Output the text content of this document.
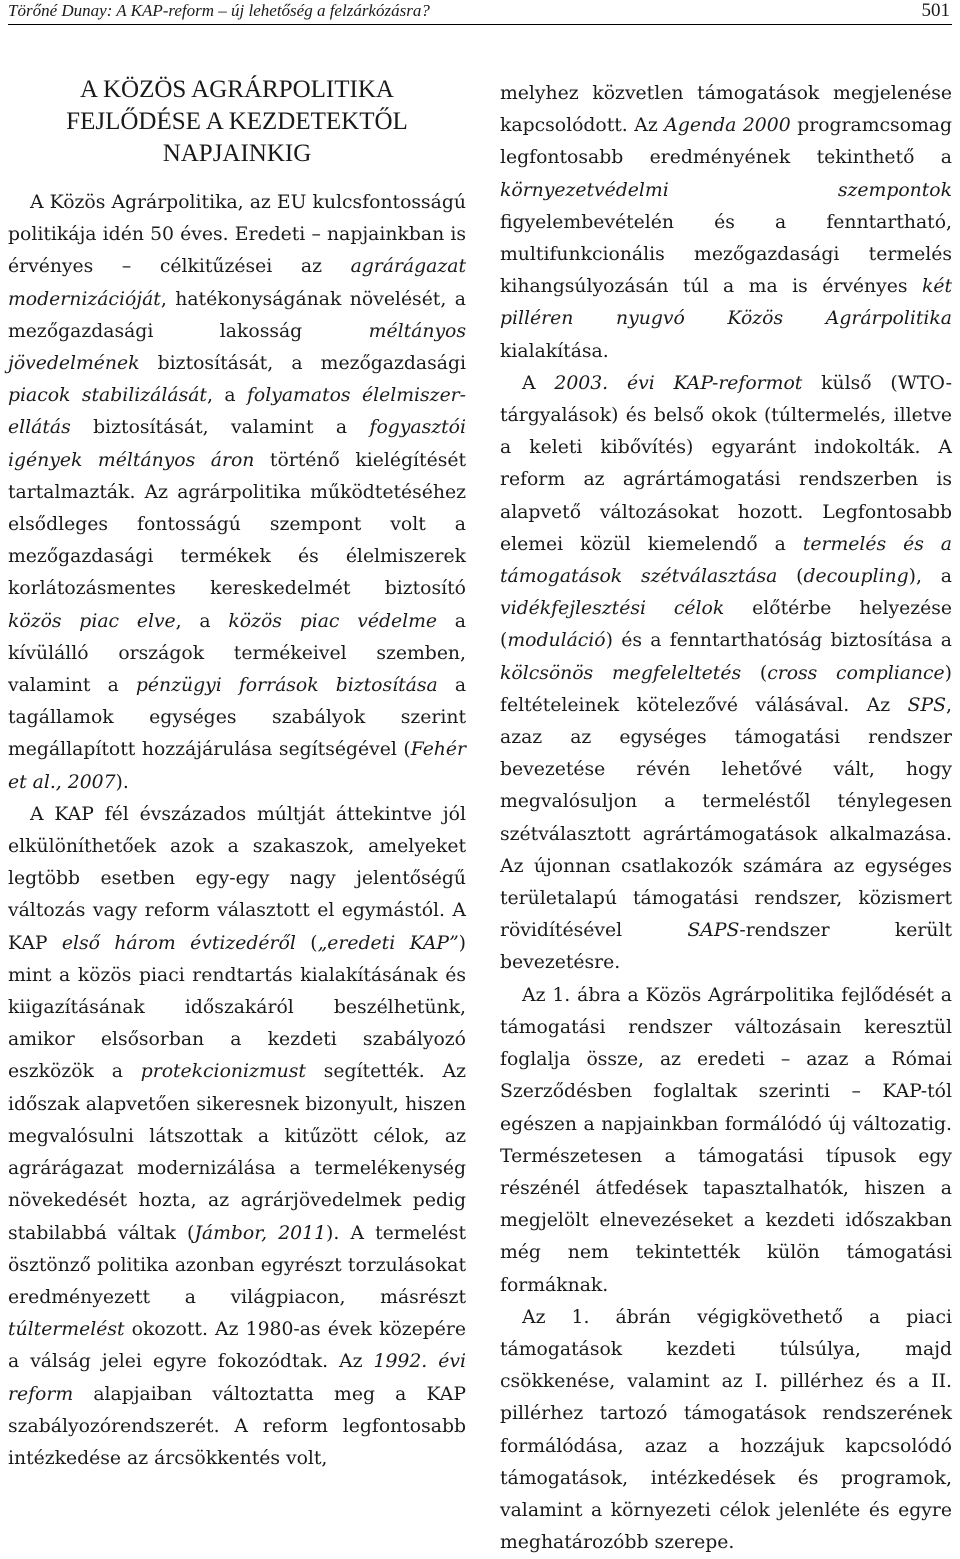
Törőné Dunay: A KAP-reform – új lehetőség a felzárkózásra?	501
A KÖZÖS AGRÁRPOLITIKA
FEJLŐDÉSE A KEZDETEKTŐL
NAPJAINKIG

A Közös Agrárpolitika, az EU kulcsfontosságú politikája idén 50 éves. Eredeti – napjainkban is érvényes – célkitűzései az agrárágazat modernizációját, hatékonyságának növelését, a mezőgazdasági lakosság méltányos jövedelmének biztosítását, a mezőgazdasági piacok stabilizálását, a folyamatos élelmiszer-ellátás biztosítását, valamint a fogyasztói igények méltányos áron történő kielégítését tartalmazták. Az agrárpolitika működtetéséhez elsődleges fontosságú szempont volt a mezőgazdasági termékek és élelmiszerek korlátozásmentes kereskedelmét biztosító közös piac elve, a közös piac védelme a kívülálló országok termékeivel szemben, valamint a pénzügyi források biztosítása a tagállamok egységes szabályok szerint megállapított hozzájárulása segítségével (Fehér et al., 2007).

A KAP fél évszázados múltját áttekintve jól elkülöníthetőek azok a szakaszok, amelyeket legtöbb esetben egy-egy nagy jelentőségű változás vagy reform választott el egymástól. A KAP első három évtizedéről („eredeti KAP”) mint a közös piaci rendtartás kialakításának és kiigazításának időszakáról beszélhetünk, amikor elsősorban a kezdeti szabályozó eszközök a protekcionizmust segítették. Az időszak alapvetően sikeresnek bizonyult, hiszen megvalósulni látszottak a kitűzött célok, az agrárágazat modernizálása a termelékenység növekedését hozta, az agrárjövedelmek pedig stabilabbá váltak (Jámbor, 2011). A termelést ösztönző politika azonban egyrészt torzulásokat eredményezett a világpiacon, másrészt túltermelést okozott. Az 1980-as évek közepére a válság jelei egyre fokozódtak. Az 1992. évi reform alapjaiban változtatta meg a KAP szabályozórendszerét. A reform legfontosabb intézkedése az árcsökkentés volt,

melyhez közvetlen támogatások megjelenése kapcsolódott. Az Agenda 2000 programcsomag legfontosabb eredményének tekinthető a környezetvédelmi szempontok figyelembevételén és a fenntartható, multifunkcionális mezőgazdasági termelés kihangsúlyozásán túl a ma is érvényes két pilléren nyugvó Közös Agrárpolitika kialakítása.

A 2003. évi KAP-reformot külső (WTO-tárgyalások) és belső okok (túltermelés, illetve a keleti kibővítés) egyaránt indokolták. A reform az agrártámogatási rendszerben is alapvető változásokat hozott. Legfontosabb elemei közül kiemelendő a termelés és a támogatások szétválasztása (decoupling), a vidékfejlesztési célok előtérbe helyezése (moduláció) és a fenntarthatóság biztosítása a kölcsönös megfeleltetés (cross compliance) feltételeinek kötelezővé válásával. Az SPS, azaz az egységes támogatási rendszer bevezetése révén lehetővé vált, hogy megvalósuljon a termeléstől ténylegesen szétválasztott agrártámogatások alkalmazása. Az újonnan csatlakozók számára az egységes területalapú támogatási rendszer, közismert rövidítésével SAPS-rendszer került bevezetésre.

Az 1. ábra a Közös Agrárpolitika fejlődését a támogatási rendszer változásain keresztül foglalja össze, az eredeti – azaz a Római Szerződésben foglaltak szerinti – KAP-tól egészen a napjainkban formálódó új változatig. Természetesen a támogatási típusok egy részénél átfedések tapasztalhatók, hiszen a megjelölt elnevezéseket a kezdeti időszakban még nem tekintették külön támogatási formáknak.

Az 1. ábrán végigkövethető a piaci támogatások kezdeti túlsúlya, majd csökkenése, valamint az I. pillérhez és a II. pillérhez tartozó támogatások rendszerének formálódása, azaz a hozzájuk kapcsolódó támogatások, intézkedések és programok, valamint a környezeti célok jelenléte és egyre meghatározóbb szerepe.
